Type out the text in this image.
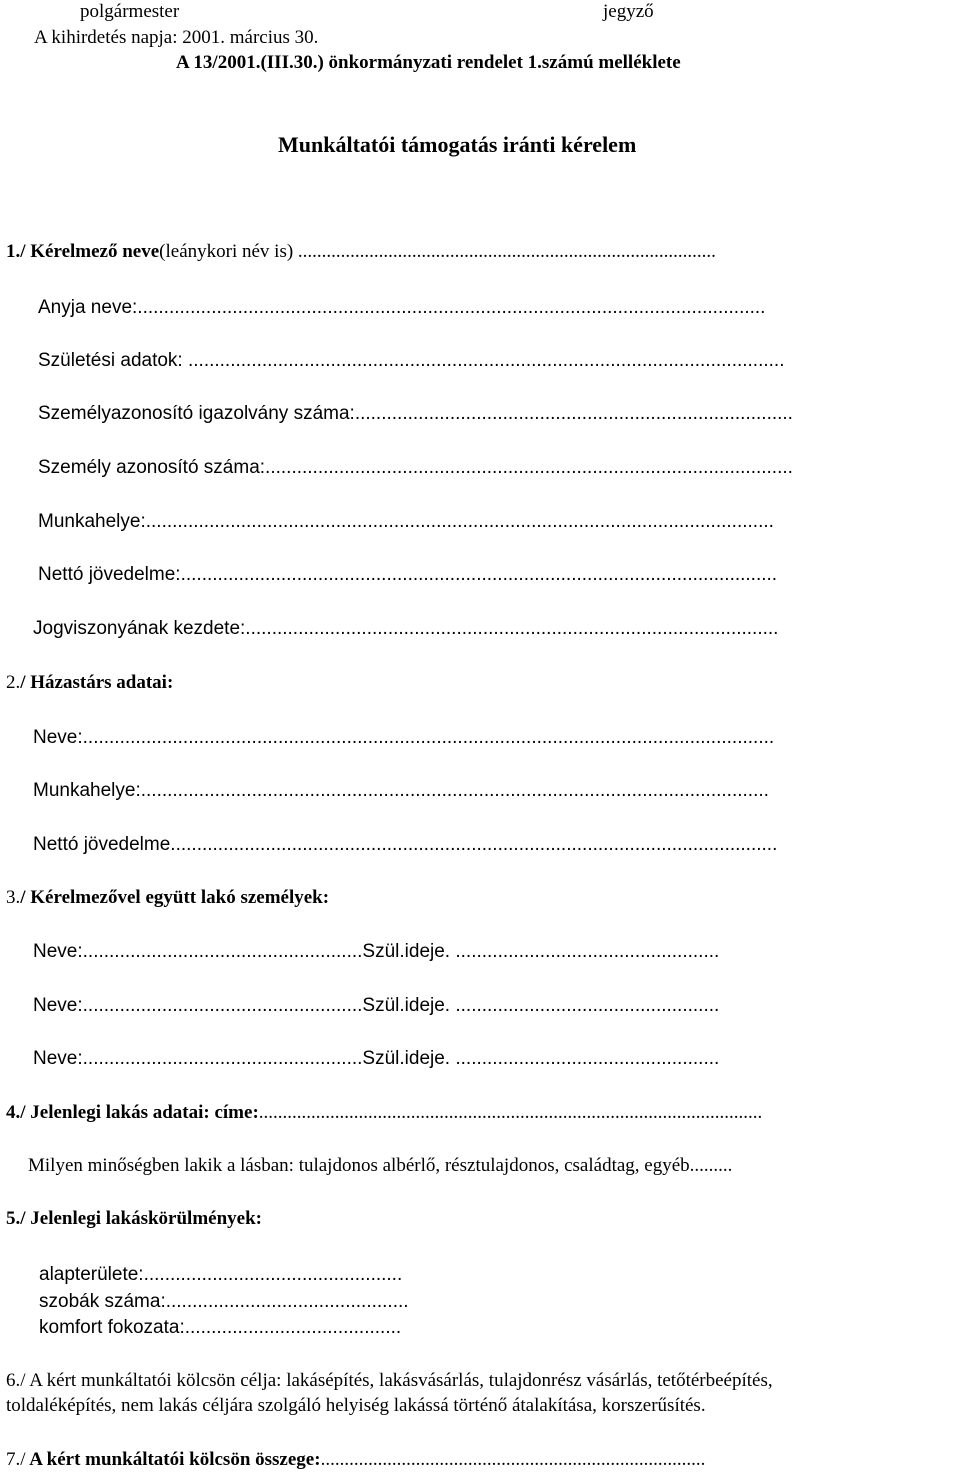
polgármester	jegyző
A kihirdetés napja: 2001. március 30.
A 13/2001.(III.30.) önkormányzati rendelet 1.számú melléklete
Munkáltatói támogatás iránti kérelem
1./ Kérelmező neve(leánykori név is) ........................................................................................
Anyja neve:.......................................................................................................................
Születési adatok: .................................................................................................................
Személyazonosító igazolvány száma:...................................................................................
Személy azonosító száma:....................................................................................................
Munkahelye:.......................................................................................................................
Nettó jövedelme:.................................................................................................................
Jogviszonyának kezdete:.....................................................................................................
2./ Házastárs adatai:
Neve:...................................................................................................................................
Munkahelye:.......................................................................................................................
Nettó jövedelme...................................................................................................................
3./ Kérelmezővel együtt lakó személyek:
Neve:.....................................................Szül.ideje. ..................................................
Neve:.....................................................Szül.ideje. ..................................................
Neve:.....................................................Szül.ideje. ..................................................
4./ Jelenlegi lakás adatai: címe:..........................................................................................................
Milyen minőségben lakik a lásban: tulajdonos albérlő, résztulajdonos, családtag, egyéb.........
5./ Jelenlegi lakáskörülmények:
alapterülete:.................................................
szobák száma:..............................................
komfort fokozata:.........................................
6./ A kért munkáltatói kölcsön célja: lakásépítés, lakásvásárlás, tulajdonrész vásárlás, tetőtérbeépítés,
toldaléképítés, nem lakás céljára szolgáló helyiség lakássá történő átalakítása, korszerűsítés.
7./ A kért munkáltatói kölcsön összege:.................................................................................
